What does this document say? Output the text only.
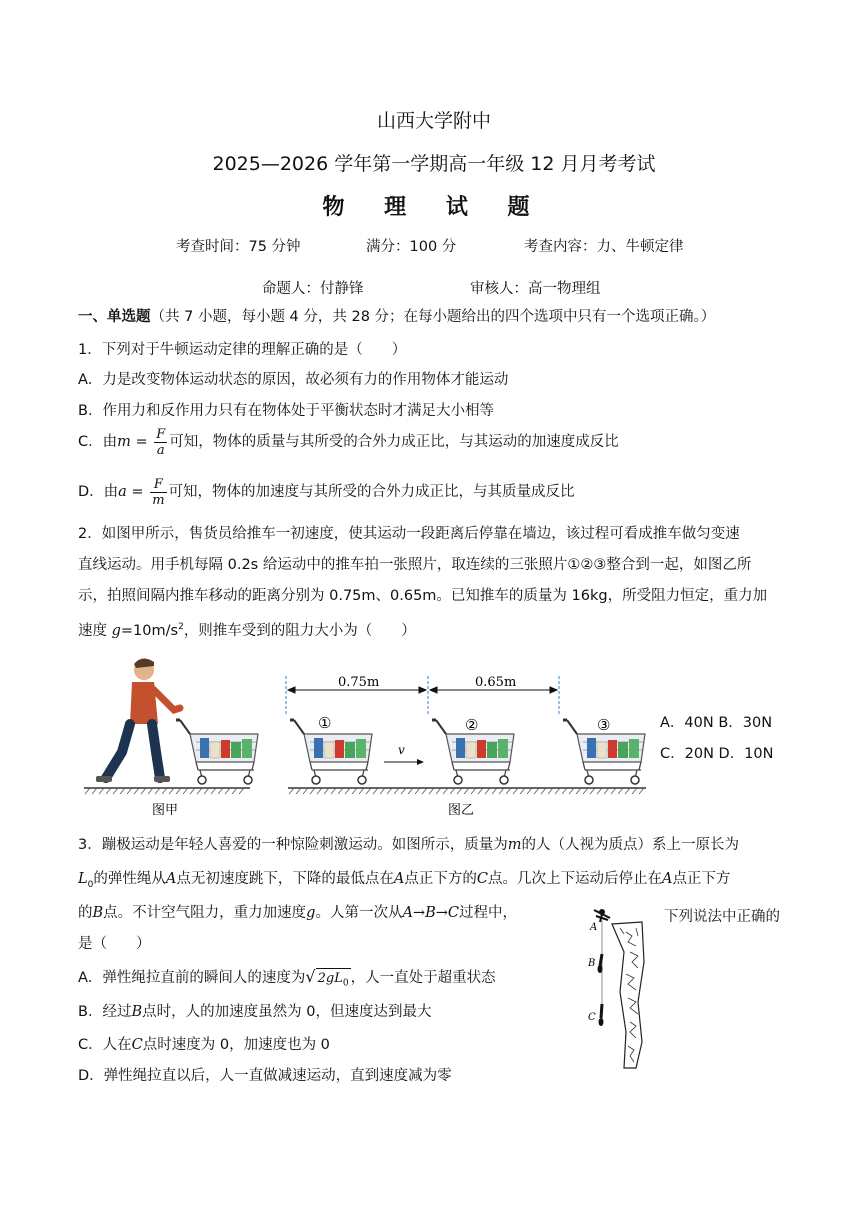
山西大学附中
2025—2026 学年第一学期高一年级 12 月月考考试
物 理 试 题
考查时间：75 分钟	满分：100 分	考查内容：力、牛顿定律
命题人：付静锋	审核人：高一物理组
一、单选题（共 7 小题，每小题 4 分，共 28 分；在每小题给出的四个选项中只有一个选项正确。）
1．下列对于牛顿运动定律的理解正确的是（　　）
A．力是改变物体运动状态的原因，故必须有力的作用物体才能运动
B．作用力和反作用力只有在物体处于平衡状态时才满足大小相等
C．由$m = \frac{F}{a}$ 可知，物体的质量与其所受的合外力成正比，与其运动的加速度成反比
D．由$a = \frac{F}{m}$ 可知，物体的加速度与其所受的合外力成正比，与其质量成反比
2．如图甲所示，售货员给推车一初速度，使其运动一段距离后停靠在墙边，该过程可看成推车做匀变速
直线运动。用手机每隔 0.2s 给运动中的推车拍一张照片，取连续的三张照片①②③整合到一起，如图乙所
示，拍照间隔内推车移动的距离分别为 0.75m、0.65m。已知推车的质量为 16kg，所受阻力恒定，重力加
速度 $g=10m/s^2$，则推车受到的阻力大小为（　　）
0.75m	0.65m
①	②	③
v
图甲	图乙
A．40N B．30N
C．20N D．10N
3．蹦极运动是年轻人喜爱的一种惊险刺激运动。如图所示，质量为m的人（人视为质点）系上一原长为
$L_0$的弹性绳从A点无初速度跳下，下降的最低点在A点正下方的C点。几次上下运动后停止在A点正下方
的B点。不计空气阻力，重力加速度g。人第一次从A→B→C过程中，	下列说法中正确的
是（　　）
A．弹性绳拉直前的瞬间人的速度为√ $2gL_0$ ，人一直处于超重状态
B．经过B点时，人的加速度虽然为 0，但速度达到最大
C．人在C点时速度为 0，加速度也为 0
D．弹性绳拉直以后，人一直做减速运动，直到速度减为零
A
B
C
